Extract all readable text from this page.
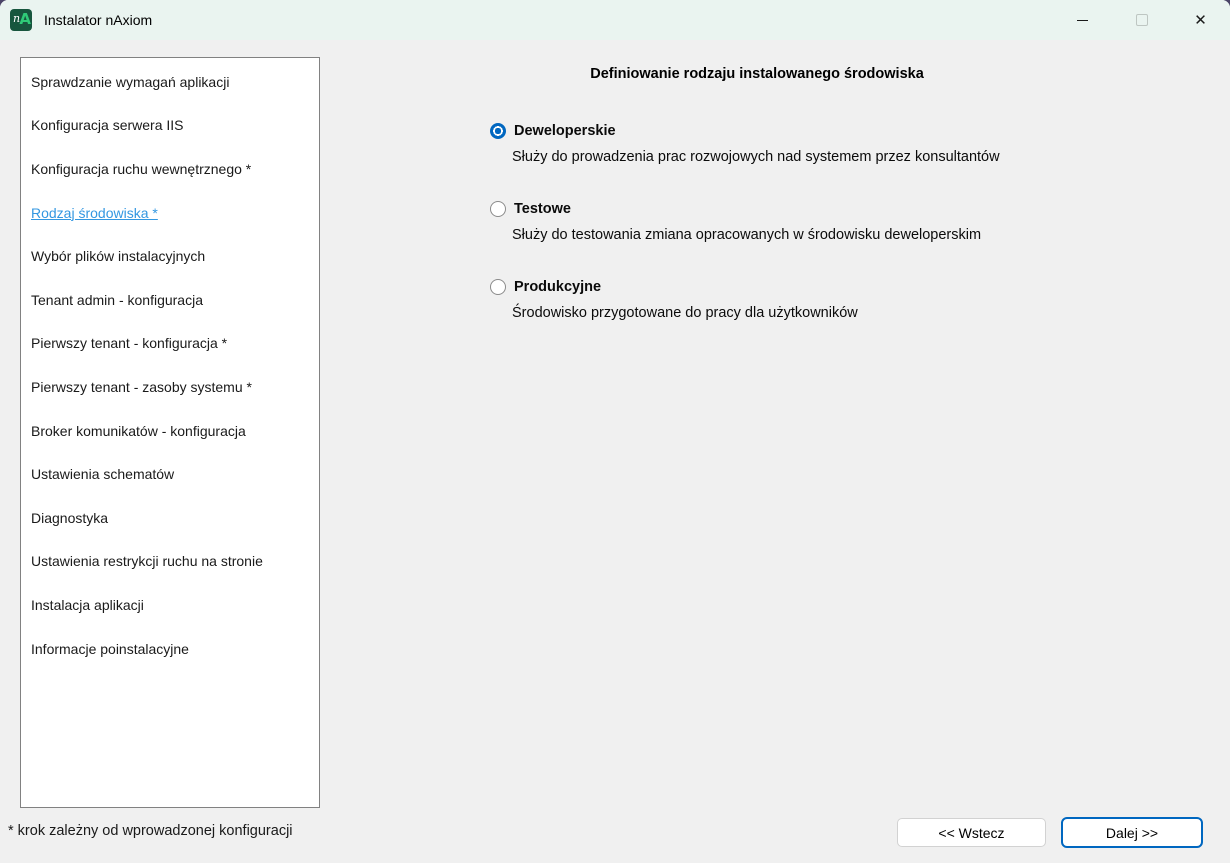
n A Instalator nAxiom	✕
Sprawdzanie wymagań aplikacji
Konfiguracja serwera IIS
Konfiguracja ruchu wewnętrznego *
Rodzaj środowiska *
Wybór plików instalacyjnych
Tenant admin - konfiguracja
Pierwszy tenant - konfiguracja *
Pierwszy tenant - zasoby systemu *
Broker komunikatów - konfiguracja
Ustawienia schematów
Diagnostyka
Ustawienia restrykcji ruchu na stronie
Instalacja aplikacji
Informacje poinstalacyjne
Definiowanie rodzaju instalowanego środowiska
Deweloperskie
Służy do prowadzenia prac rozwojowych nad systemem przez konsultantów
Testowe
Służy do testowania zmiana opracowanych w środowisku deweloperskim
Produkcyjne
Środowisko przygotowane do pracy dla użytkowników
* krok zależny od wprowadzonej konfiguracji	<< Wstecz	Dalej >>
